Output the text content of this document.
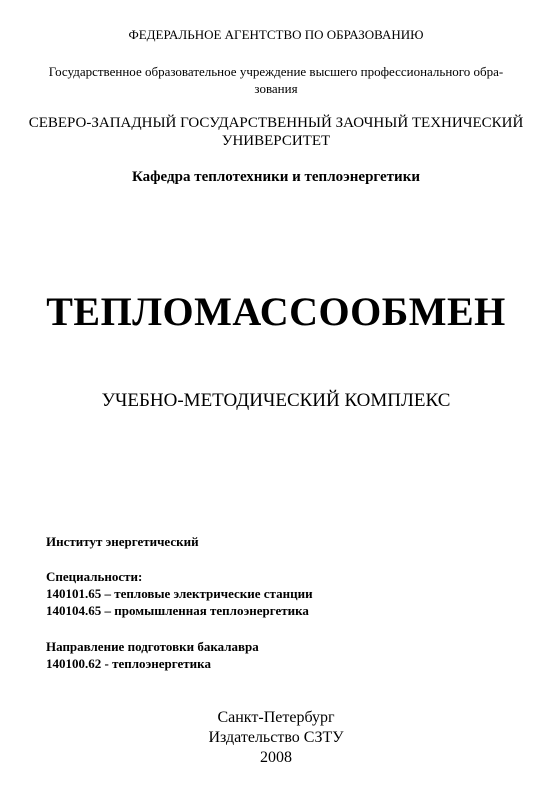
ФЕДЕРАЛЬНОЕ АГЕНТСТВО ПО ОБРАЗОВАНИЮ
Государственное образовательное учреждение высшего профессионального обра-
зования
СЕВЕРО-ЗАПАДНЫЙ ГОСУДАРСТВЕННЫЙ ЗАОЧНЫЙ ТЕХНИЧЕСКИЙ
УНИВЕРСИТЕТ
Кафедра теплотехники и теплоэнергетики
ТЕПЛОМАССООБМЕН
УЧЕБНО-МЕТОДИЧЕСКИЙ КОМПЛЕКС
Институт энергетический
Специальности:
140101.65 – тепловые электрические станции
140104.65 – промышленная теплоэнергетика
Направление подготовки бакалавра
140100.62 - теплоэнергетика
Санкт-Петербург
Издательство СЗТУ
2008
